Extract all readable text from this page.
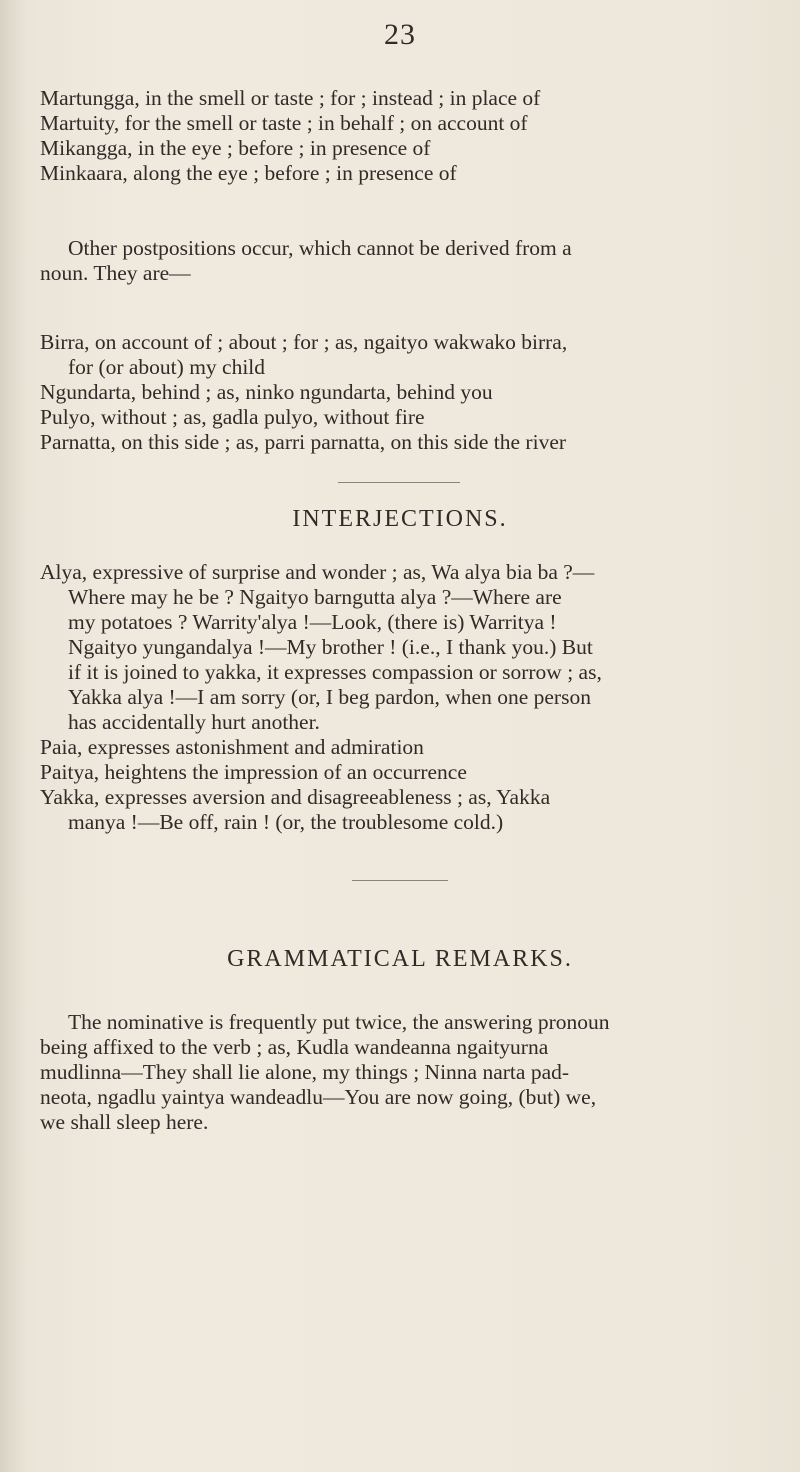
23

Martungga, in the smell or taste ; for ; instead ; in place of

Martuity, for the smell or taste ; in behalf ; on account of

Mikangga, in the eye ; before ; in presence of

Minkaara, along the eye ; before ; in presence of

Other postpositions occur, which cannot be derived from a

noun. They are—

Birra, on account of ; about ; for ; as, ngaityo wakwako birra,

for (or about) my child

Ngundarta, behind ; as, ninko ngundarta, behind you

Pulyo, without ; as, gadla pulyo, without fire

Parnatta, on this side ; as, parri parnatta, on this side the river

INTERJECTIONS.

Alya, expressive of surprise and wonder ; as, Wa alya bia ba ?—

Where may he be ? Ngaityo barngutta alya ?—Where are

my potatoes ? Warrity'alya !—Look, (there is) Warritya !

Ngaityo yungandalya !—My brother ! (i.e., I thank you.) But

if it is joined to yakka, it expresses compassion or sorrow ; as,

Yakka alya !—I am sorry (or, I beg pardon, when one person

has accidentally hurt another.

Paia, expresses astonishment and admiration

Paitya, heightens the impression of an occurrence

Yakka, expresses aversion and disagreeableness ; as, Yakka

manya !—Be off, rain ! (or, the troublesome cold.)

GRAMMATICAL REMARKS.

The nominative is frequently put twice, the answering pronoun

being affixed to the verb ; as, Kudla wandeanna ngaityurna

mudlinna—They shall lie alone, my things ; Ninna narta pad-

neota, ngadlu yaintya wandeadlu—You are now going, (but) we,

we shall sleep here.
